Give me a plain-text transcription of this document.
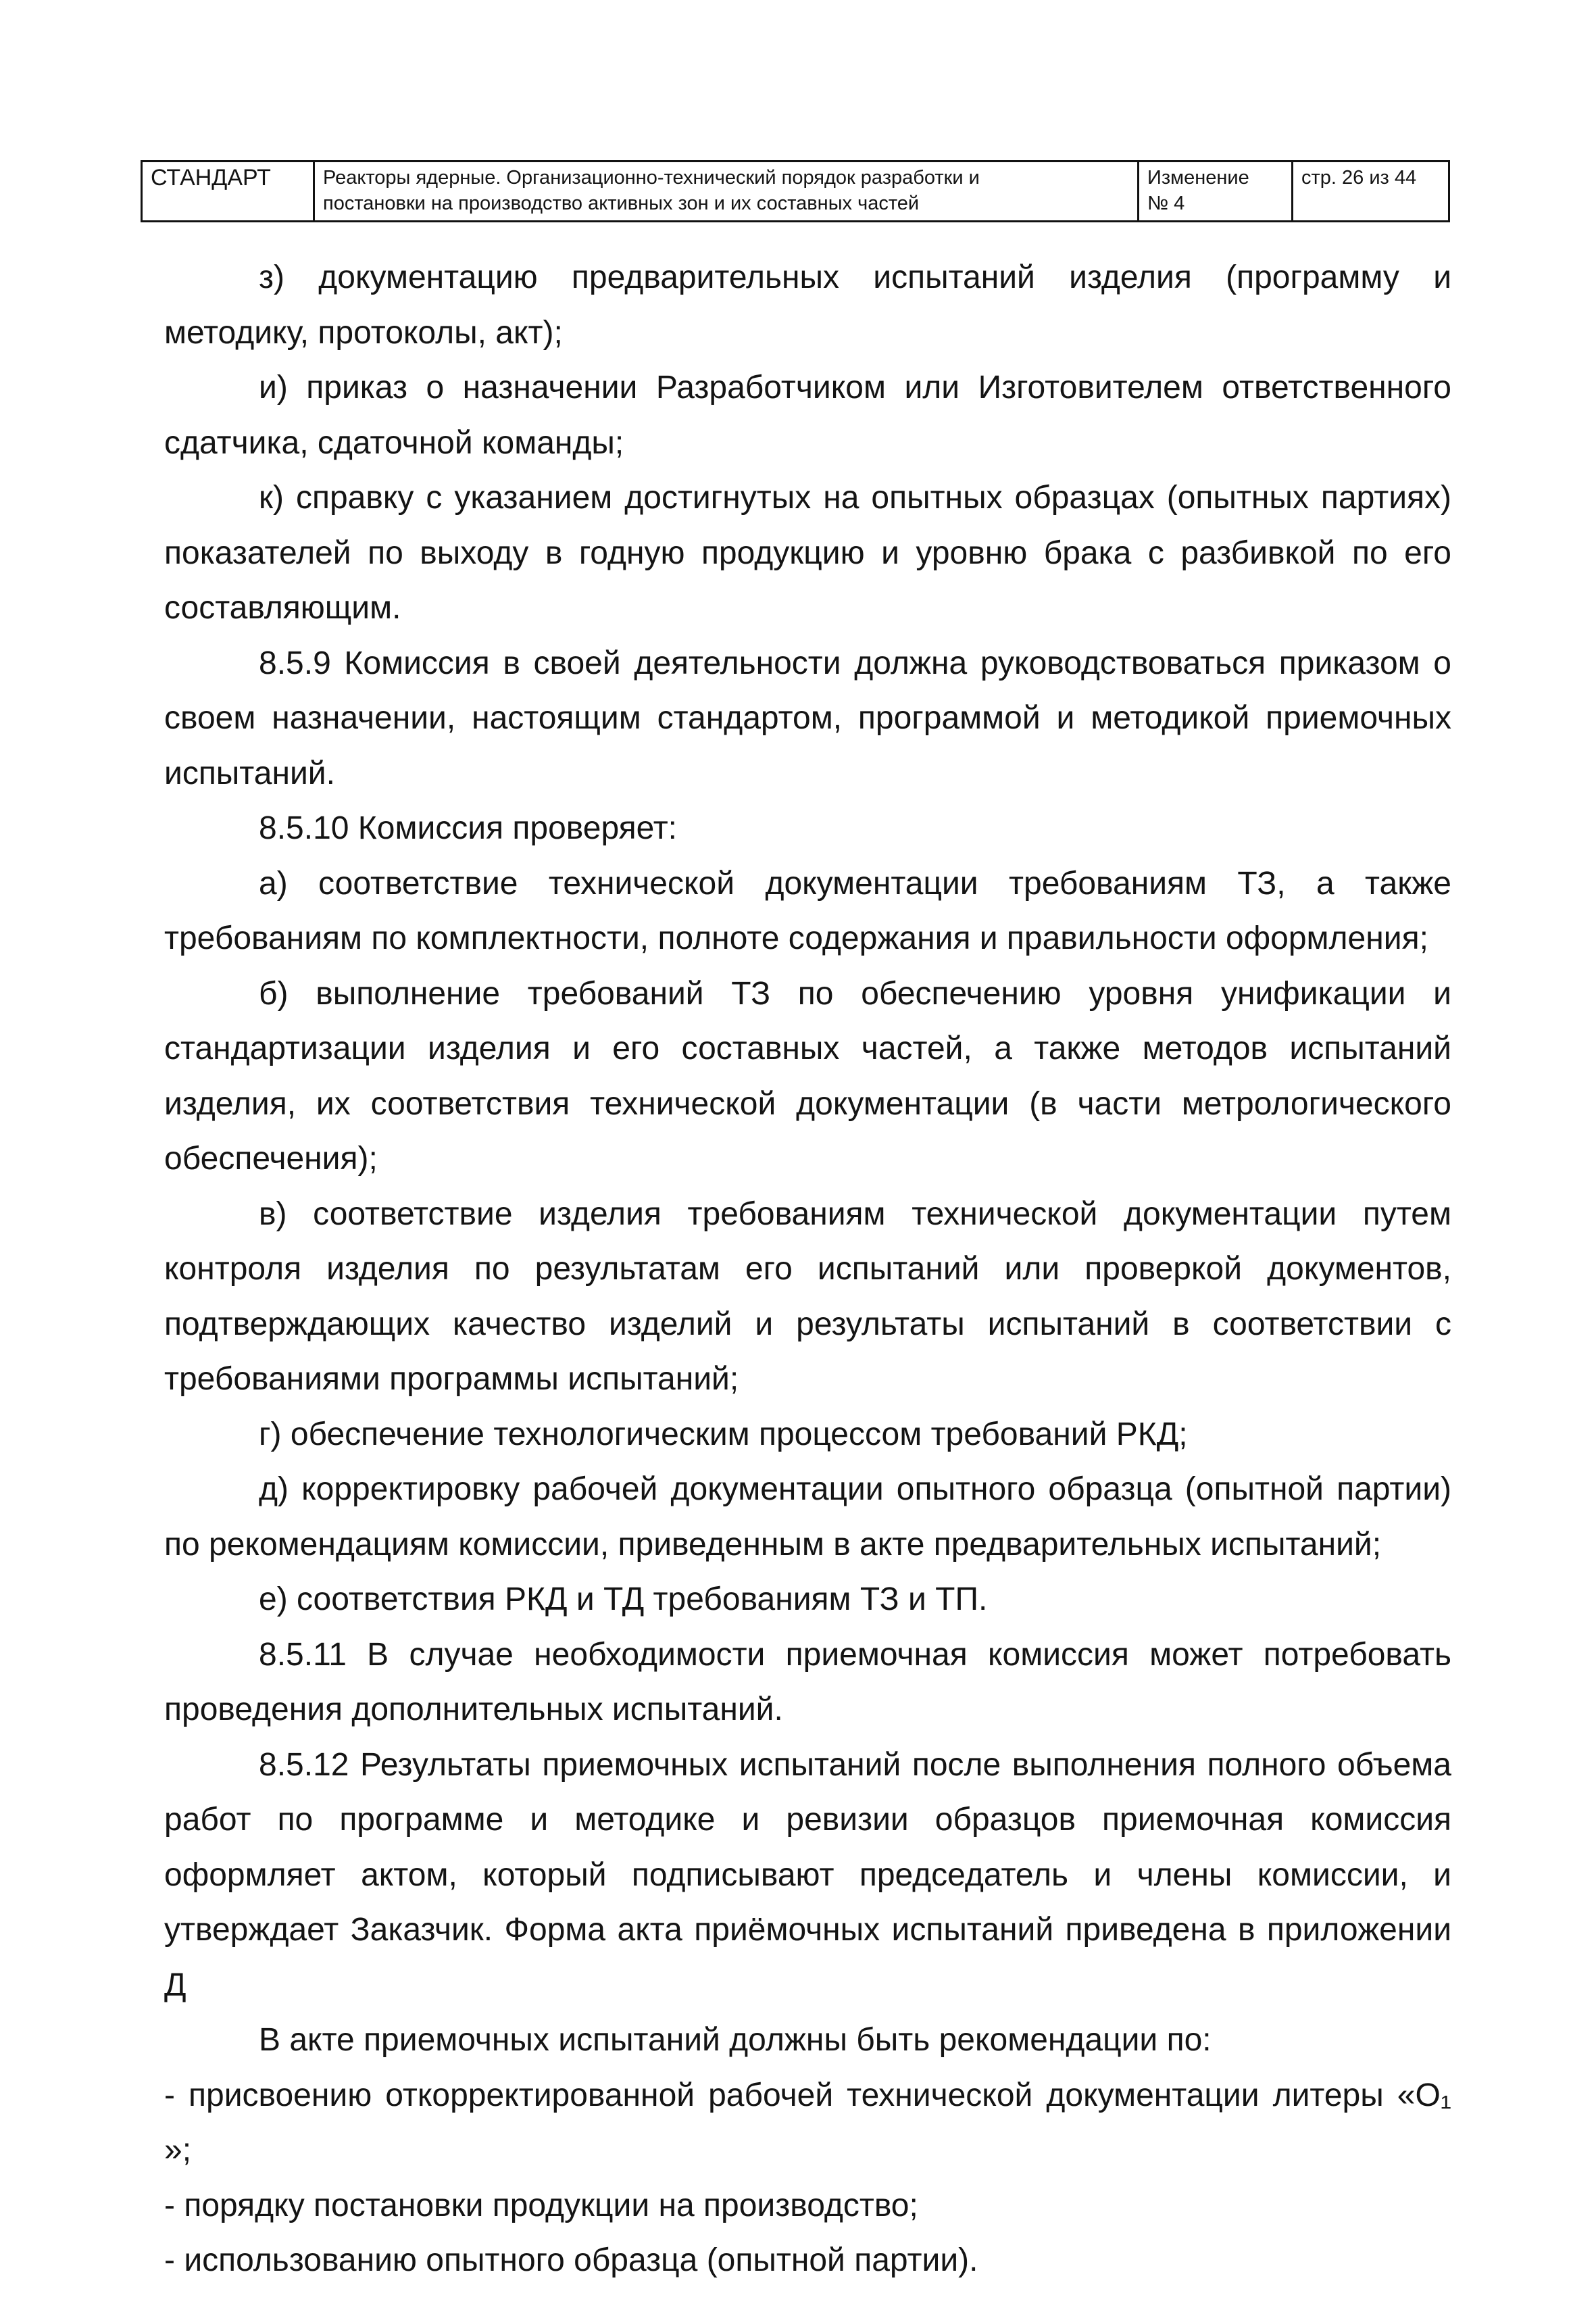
СТАНДАРТ	Реакторы ядерные. Организационно-технический порядок разработки и
постановки на производство активных зон и их составных частей
Изменение
№ 4
стр. 26 из 44

з) документацию предварительных испытаний изделия (программу и методику, протоколы, акт);

и) приказ о назначении Разработчиком или Изготовителем ответственного сдатчика, сдаточной команды;

к) справку с указанием достигнутых на опытных образцах (опытных партиях) показателей по выходу в годную продукцию и уровню брака с разбивкой по его составляющим.

8.5.9 Комиссия в своей деятельности должна руководствоваться приказом о своем назначении, настоящим стандартом, программой и методикой приемочных испытаний.

8.5.10 Комиссия проверяет:

а) соответствие технической документации требованиям ТЗ, а также требованиям по комплектности, полноте содержания и правильности оформления;

б) выполнение требований ТЗ по обеспечению уровня унификации и стандартизации изделия и его составных частей, а также методов испытаний изделия, их соответствия технической документации (в части метрологического обеспечения);

в) соответствие изделия требованиям технической документации путем контроля изделия по результатам его испытаний или проверкой документов, подтверждающих качество изделий и результаты испытаний в соответствии с требованиями программы испытаний;

г) обеспечение технологическим процессом требований РКД;

д) корректировку рабочей документации опытного образца (опытной партии) по рекомендациям комиссии, приведенным в акте предварительных испытаний;

е) соответствия РКД и ТД требованиям ТЗ и ТП.

8.5.11 В случае необходимости приемочная комиссия может потребовать проведения дополнительных испытаний.

8.5.12 Результаты приемочных испытаний после выполнения полного объема работ по программе и методике и ревизии образцов приемочная комиссия оформляет актом, который подписывают председатель и члены комиссии, и утверждает Заказчик. Форма акта приёмочных испытаний приведена в приложении Д

В акте приемочных испытаний должны быть рекомендации по:

- присвоению откорректированной рабочей технической документации литеры «О₁ »;

- порядку постановки продукции на производство;

- использованию опытного образца (опытной партии).
